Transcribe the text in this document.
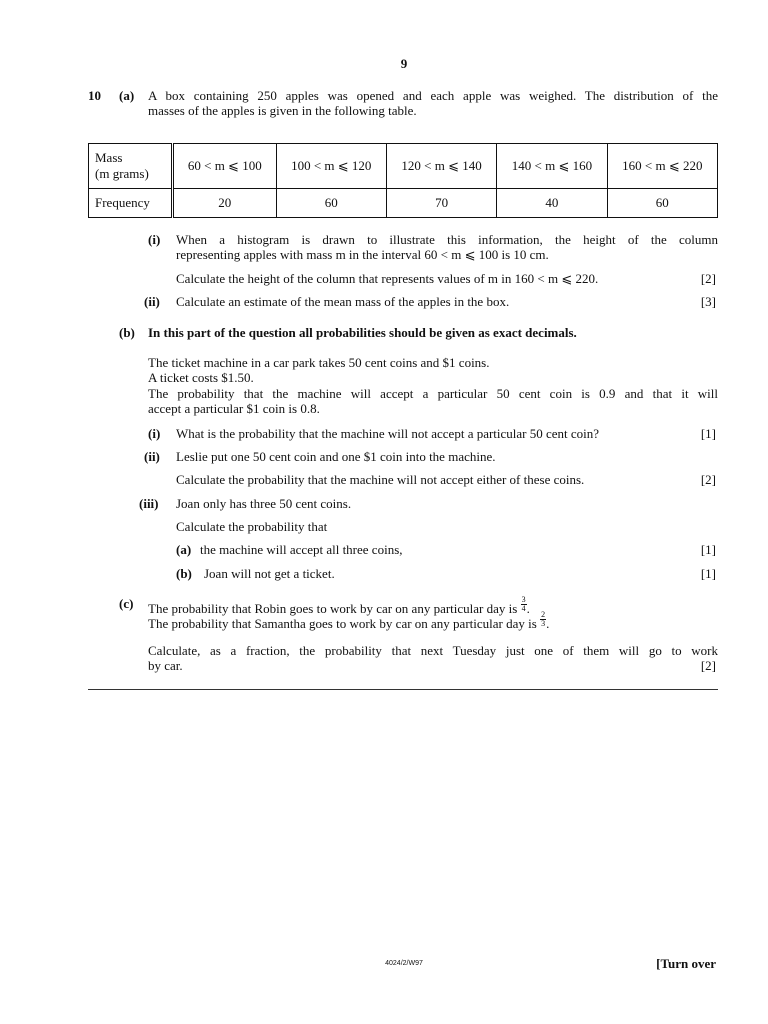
9
10 (a) A box containing 250 apples was opened and each apple was weighed. The distribution of the
masses of the apples is given in the following table.
Mass
(m grams)	60 < m ⩽ 100	100 < m ⩽ 120	120 < m ⩽ 140	140 < m ⩽ 160	160 < m ⩽ 220
Frequency	20	60	70	40	60
(i) When a histogram is drawn to illustrate this information, the height of the column
representing apples with mass m in the interval 60 < m ⩽ 100 is 10 cm.
Calculate the height of the column that represents values of m in 160 < m ⩽ 220.	[2]
(ii) Calculate an estimate of the mean mass of the apples in the box.	[3]
(b) In this part of the question all probabilities should be given as exact decimals.
The ticket machine in a car park takes 50 cent coins and $1 coins.
A ticket costs $1.50.
The probability that the machine will accept a particular 50 cent coin is 0.9 and that it will
accept a particular $1 coin is 0.8.
(i) What is the probability that the machine will not accept a particular 50 cent coin?	[1]
(ii) Leslie put one 50 cent coin and one $1 coin into the machine.
Calculate the probability that the machine will not accept either of these coins.	[2]
(iii) Joan only has three 50 cent coins.
Calculate the probability that
(a) the machine will accept all three coins,	[1]
(b) Joan will not get a ticket.	[1]
(c) The probability that Robin goes to work by car on any particular day is $\frac{3}{4}$ .
The probability that Samantha goes to work by car on any particular day is $\frac{2}{3}$ .
Calculate, as a fraction, the probability that next Tuesday just one of them will go to work
by car.	[2]
4024/2/W97	[Turn over
